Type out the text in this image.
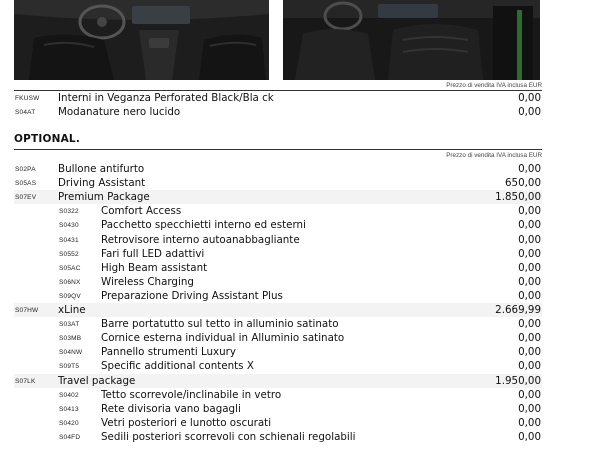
Prezzo di vendita IVA inclusa EUR
FKUSW Interni in Veganza Perforated Black/Bla ck	0,00
S04AT Modanature nero lucido	0,00
OPTIONAL.
Prezzo di vendita IVA inclusa EUR
S02PA Bullone antifurto	0,00
S05AS Driving Assistant	650,00
S07EV Premium Package	1.850,00
S0322 Comfort Access	0,00
S0430 Pacchetto specchietti interno ed esterni	0,00
S0431 Retrovisore interno autoanabbagliante	0,00
S0552 Fari full LED adattivi	0,00
S05AC High Beam assistant	0,00
S06NX Wireless Charging	0,00
S09QV Preparazione Driving Assistant Plus	0,00
S07HW xLine	2.669,99
S03AT Barre portatutto sul tetto in alluminio satinato	0,00
S03MB Cornice esterna individual in Alluminio satinato	0,00
S04NW Pannello strumenti Luxury	0,00
S09T5 Specific additional contents X	0,00
S07LK Travel package	1.950,00
S0402 Tetto scorrevole/inclinabile in vetro	0,00
S0413 Rete divisoria vano bagagli	0,00
S0420 Vetri posteriori e lunotto oscurati	0,00
S04FD Sedili posteriori scorrevoli con schienali regolabili	0,00
